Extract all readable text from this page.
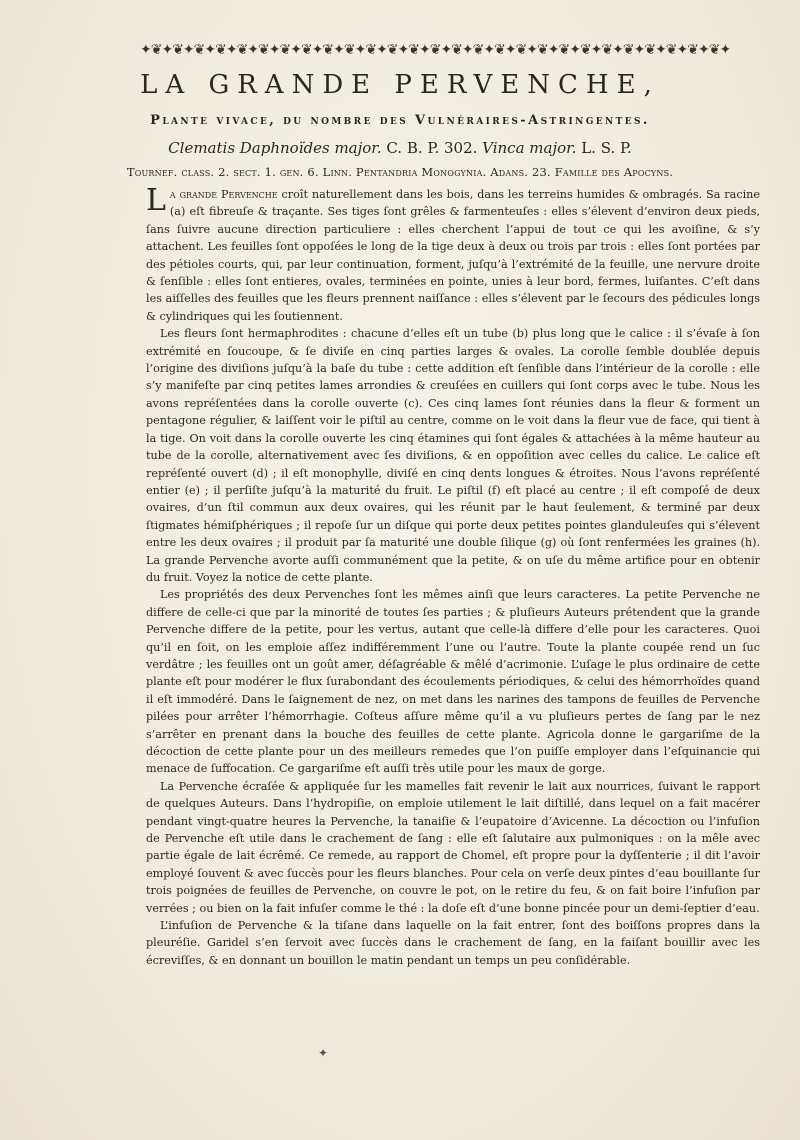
✦❦✦❦✦❦✦❦✦❦✦❦✦❦✦❦✦❦✦❦✦❦✦❦✦❦✦❦✦❦✦❦✦❦✦❦✦❦✦❦✦❦✦❦✦❦✦❦✦❦✦❦✦❦✦
LA GRANDE PERVENCHE,
Plante vivace, du nombre des Vulnéraires-Astringentes.
Clematis Daphnoïdes major. C. B. P. 302. Vinca major. L. S. P.
Tournef. claſſ. 2. ſect. 1. gen. 6. Linn. Pentandria Monogynia. Adans. 23. Famille des Apocyns.

La grande Pervenche croît naturellement dans les bois, dans les terreins humides & ombragés. Sa racine (a) eſt fibreuſe & traçante. Ses tiges ſont grêles & farmenteuſes : elles s’élevent d’environ deux pieds, ſans ſuivre aucune direction particuliere : elles cherchent l’appui de tout ce qui les avoiſine, & s’y attachent. Les feuilles ſont oppoſées le long de la tige deux à deux ou trois par trois : elles ſont portées par des pétioles courts, qui, par leur continuation, forment, juſqu’à l’extrémité de la feuille, une nervure droite & ſenſible : elles ſont entieres, ovales, terminées en pointe, unies à leur bord, fermes, luiſantes. C’eſt dans les aiſſelles des feuilles que les fleurs prennent naiſſance : elles s’élevent par le ſecours des pédicules longs & cylindriques qui les ſoutiennent.

Les fleurs ſont hermaphrodites : chacune d’elles eſt un tube (b) plus long que le calice : il s’évaſe à ſon extrémité en ſoucoupe, & ſe diviſe en cinq parties larges & ovales. La corolle ſemble doublée depuis l’origine des diviſions juſqu’à la baſe du tube : cette addition eſt ſenſible dans l’intérieur de la corolle : elle s’y manifeſte par cinq petites lames arrondies & creuſées en cuillers qui ſont corps avec le tube. Nous les avons repréſentées dans la corolle ouverte (c). Ces cinq lames ſont réunies dans la fleur & forment un pentagone régulier, & laiſſent voir le piſtil au centre, comme on le voit dans la fleur vue de face, qui tient à la tige. On voit dans la corolle ouverte les cinq étamines qui ſont égales & attachées à la même hauteur au tube de la corolle, alternativement avec ſes diviſions, & en oppoſition avec celles du calice. Le calice eſt repréſenté ouvert (d) ; il eſt monophylle, diviſé en cinq dents longues & étroites. Nous l’avons repréſenté entier (e) ; il perſiſte juſqu’à la maturité du fruit. Le piſtil (f) eſt placé au centre ; il eſt compoſé de deux ovaires, d’un ſtil commun aux deux ovaires, qui les réunit par le haut ſeulement, & terminé par deux ſtigmates hémiſphériques ; il repoſe ſur un diſque qui porte deux petites pointes glanduleuſes qui s’élevent entre les deux ovaires ; il produit par ſa maturité une double ſilique (g) où ſont renfermées les graines (h). La grande Pervenche avorte auſſi communément que la petite, & on uſe du même artifice pour en obtenir du fruit. Voyez la notice de cette plante.

Les propriétés des deux Pervenches ſont les mêmes ainſi que leurs caracteres. La petite Pervenche ne differe de celle-ci que par la minorité de toutes ſes parties ; & pluſieurs Auteurs prétendent que la grande Pervenche differe de la petite, pour les vertus, autant que celle-là differe d’elle pour les caracteres. Quoi qu’il en ſoit, on les emploie aſſez indifféremment l’une ou l’autre. Toute la plante coupée rend un ſuc verdâtre ; les feuilles ont un goût amer, déſagréable & mêlé d’acrimonie. L’uſage le plus ordinaire de cette plante eſt pour modérer le flux ſurabondant des écoulements périodiques, & celui des hémorrhoïdes quand il eſt immodéré. Dans le ſaignement de nez, on met dans les narines des tampons de feuilles de Pervenche pilées pour arrêter l’hémorrhagie. Coſteus aſſure même qu’il a vu pluſieurs pertes de ſang par le nez s’arrêter en prenant dans la bouche des feuilles de cette plante. Agricola donne le gargariſme de la décoction de cette plante pour un des meilleurs remedes que l’on puiſſe employer dans l’eſquinancie qui menace de ſuffocation. Ce gargariſme eſt auſſi très utile pour les maux de gorge.

La Pervenche écraſée & appliquée ſur les mamelles fait revenir le lait aux nourrices, ſuivant le rapport de quelques Auteurs. Dans l’hydropiſie, on emploie utilement le lait diſtillé, dans lequel on a fait macérer pendant vingt-quatre heures la Pervenche, la tanaiſie & l’eupatoire d’Avicenne. La décoction ou l’infuſion de Pervenche eſt utile dans le crachement de ſang : elle eſt ſalutaire aux pulmoniques : on la mêle avec partie égale de lait écrêmé. Ce remede, au rapport de Chomel, eſt propre pour la dyſſenterie ; il dit l’avoir employé ſouvent & avec ſuccès pour les fleurs blanches. Pour cela on verſe deux pintes d’eau bouillante ſur trois poignées de feuilles de Pervenche, on couvre le pot, on le retire du feu, & on fait boire l’infuſion par verrées ; ou bien on la fait infuſer comme le thé : la doſe eſt d’une bonne pincée pour un demi-ſeptier d’eau.

L’infuſion de Pervenche & la tiſane dans laquelle on la fait entrer, ſont des boiſſons propres dans la pleuréſie. Garidel s’en ſervoit avec ſuccès dans le crachement de ſang, en la faiſant bouillir avec les écreviſſes, & en donnant un bouillon le matin pendant un temps un peu conſidérable.

✦
